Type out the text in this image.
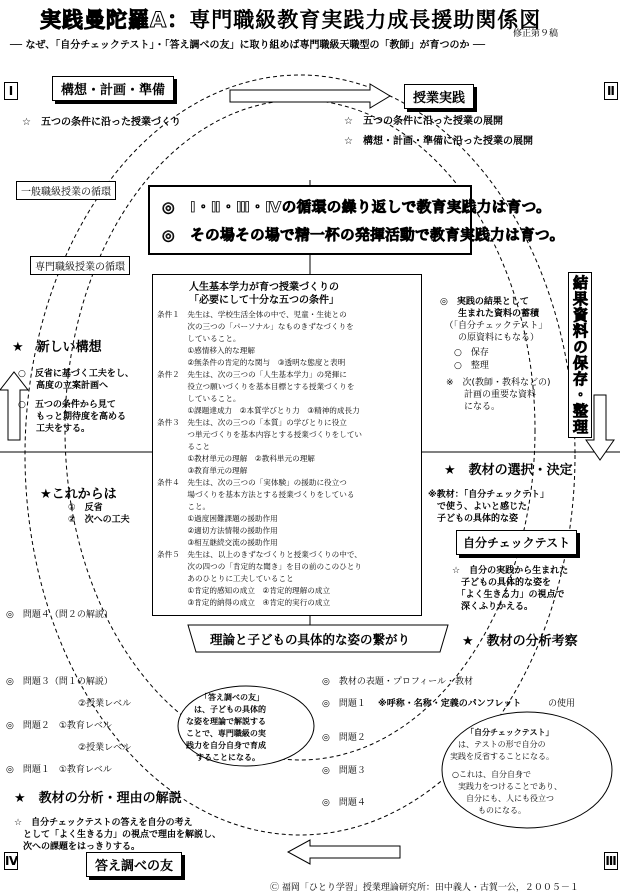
実践曼陀羅A：専門職級教育実践力成長援助関係図
修正第９稿
── なぜ、「自分チェックテスト」・「答え調べの友」に取り組めば専門職級天職型の「教師」が育つのか ──
Ⅰ	Ⅱ
Ⅳ	Ⅲ
構想・計画・準備
☆　五つの条件に沿った授業づくり
授業実践
☆　五つの条件に沿った授業の展開
☆　構想・計画・準備に沿った授業の展開
一般職級授業の循環
専門職級授業の循環
◎　Ⅰ・Ⅱ・Ⅲ・Ⅳの循環の繰り返しで教育実践力は育つ。
◎　その場その場で精一杯の発揮活動で教育実践力は育つ。
人生基本学力が育つ授業づくりの
「必要にして十分な五つの条件」
条件１　先生は、学校生活全体の中で、児童・生徒との
　　　　次の三つの「パーソナル」なものきずなづくりを
　　　　していること。
　　　　①感情移入的な理解
　　　　②無条件の肯定的な関与　③透明な態度と表明
条件２　先生は、次の三つの「人生基本学力」の発揮に
　　　　役立つ願いづくりを基本目標とする授業づくりを
　　　　していること。
　　　　①課題達成力　②本質学びとり力　③精神的成長力
条件３　先生は、次の三つの「本質」の学びとりに役立
　　　　つ単元づくりを基本内容とする授業づくりをしてい
　　　　ること
　　　　①教材単元の理解　②教科単元の理解
　　　　③教育単元の理解
条件４　先生は、次の三つの「実体験」の援助に役立つ
　　　　場づくりを基本方法とする授業づくりをしている
　　　　こと。
　　　　①過度困難課題の援助作用
　　　　②適切方法情報の援助作用
　　　　③相互継続交流の援助作用
条件５　先生は、以上のきずなづくりと授業づくりの中で、
　　　　次の四つの「肯定的な聞き」を目の前のこのひとり
　　　　あのひとりに工夫していること
　　　　①肯定的感知の成立　②肯定的理解の成立
　　　　③肯定的納得の成立　④肯定的実行の成立
★　新しい構想
○　反省に基づく工夫をし、
　　高度の立案計画へ
○　五つの条件から見て
　　もっと期待度を高める
　　工夫をする。
★これからは
①　反省
②　次への工夫
◎　実践の結果として
　　生まれた資料の蓄積
　（「自分チェックテスト」
　　の原資料にもなる）
○　保存
○　整理
※　次(教師・教科などの)
　　計画の重要な資料
　　になる。	結果資料の保存・整理
★　教材の選択・決定
※教材：「自分チェックテト」
　で使う、よいと感じた
　子どもの具体的な姿
自分チェックテスト
☆　自分の実践から生まれた
　子どもの具体的な姿を
　「よく生きる力」の視点で
　深くふりかえる。
理論と子どもの具体的な姿の繋がり	★　教材の分析考察
◎　問題４（問２の解説）
◎　問題３（問１の解説）
②授業レベル
◎　問題２　①教育レベル
②授業レベル
◎　問題１　①教育レベル
「答え調べの友」
は、子どもの具体的
な姿を理論で解説する
ことで、専門職級の実
践力を自分自身で育成
することになる。
◎　教材の表題・プロフィール・教材
◎　問題１ ※呼称・名称・定義のパンフレット	の使用
◎　問題２
◎　問題３
◎　問題４
「自分チェックテスト」
は、テストの形で自分の
実践を反省することになる。
○これは、自分自身で
実践力をつけることであり、
自分にも、人にも役立つ
ものになる。
★　教材の分析・理由の解説
☆　自分チェックテストの答えを自分の考え
　として「よく生きる力」の視点で理由を解説し、
　次への課題をはっきりする。
答え調べの友
Ⓒ 福岡「ひとり学習」授業理論研究所：田中義人・古賀一公，２００５－１
